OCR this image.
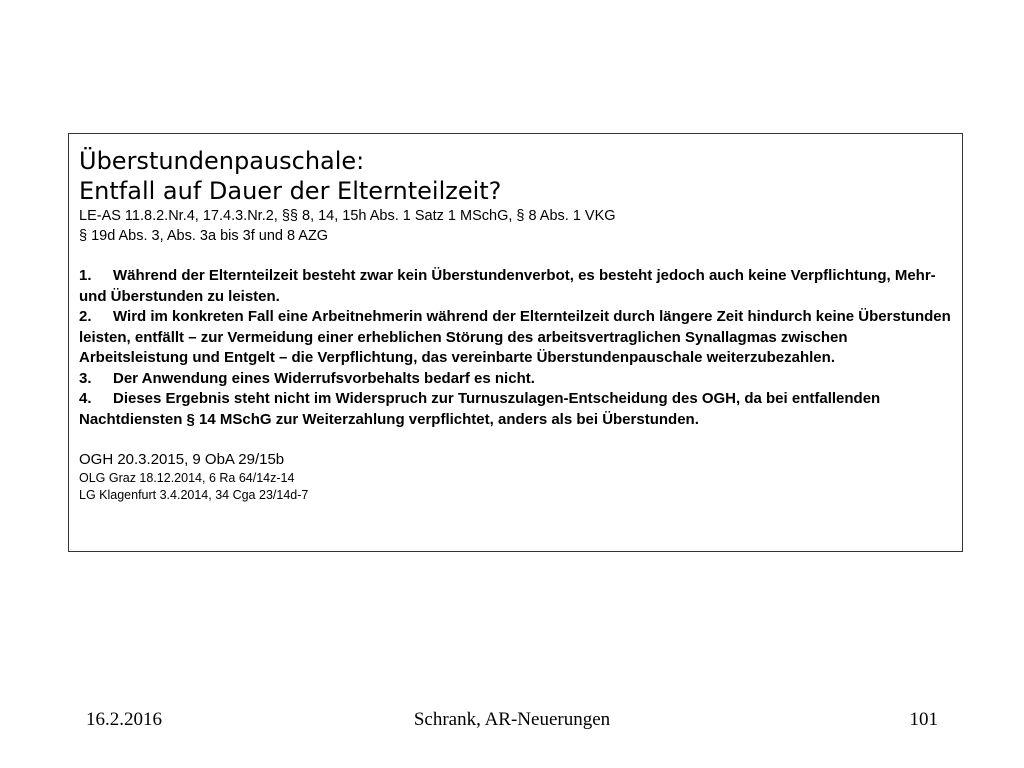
Überstundenpauschale:

Entfall auf Dauer der Elternteilzeit?

LE-AS 11.8.2.Nr.4, 17.4.3.Nr.2, §§ 8, 14, 15h Abs. 1 Satz 1 MSchG, § 8 Abs. 1 VKG

§ 19d Abs. 3, Abs. 3a bis 3f und 8 AZG

1. Während der Elternteilzeit besteht zwar kein Überstundenverbot, es besteht jedoch auch keine Verpflichtung, Mehr- und Überstunden zu leisten.

2. Wird im konkreten Fall eine Arbeitnehmerin während der Elternteilzeit durch längere Zeit hindurch keine Überstunden leisten, entfällt – zur Vermeidung einer erheblichen Störung des arbeitsvertraglichen Synallagmas zwischen Arbeitsleistung und Entgelt – die Verpflichtung, das vereinbarte Überstundenpauschale weiterzubezahlen.

3. Der Anwendung eines Widerrufsvorbehalts bedarf es nicht.

4. Dieses Ergebnis steht nicht im Widerspruch zur Turnuszulagen-Entscheidung des OGH, da bei entfallenden Nachtdiensten § 14 MSchG zur Weiterzahlung verpflichtet, anders als bei Überstunden.

OGH 20.3.2015, 9 ObA 29/15b

OLG Graz 18.12.2014, 6 Ra 64/14z-14

LG Klagenfurt 3.4.2014, 34 Cga 23/14d-7

16.2.2016	Schrank, AR-Neuerungen	101
